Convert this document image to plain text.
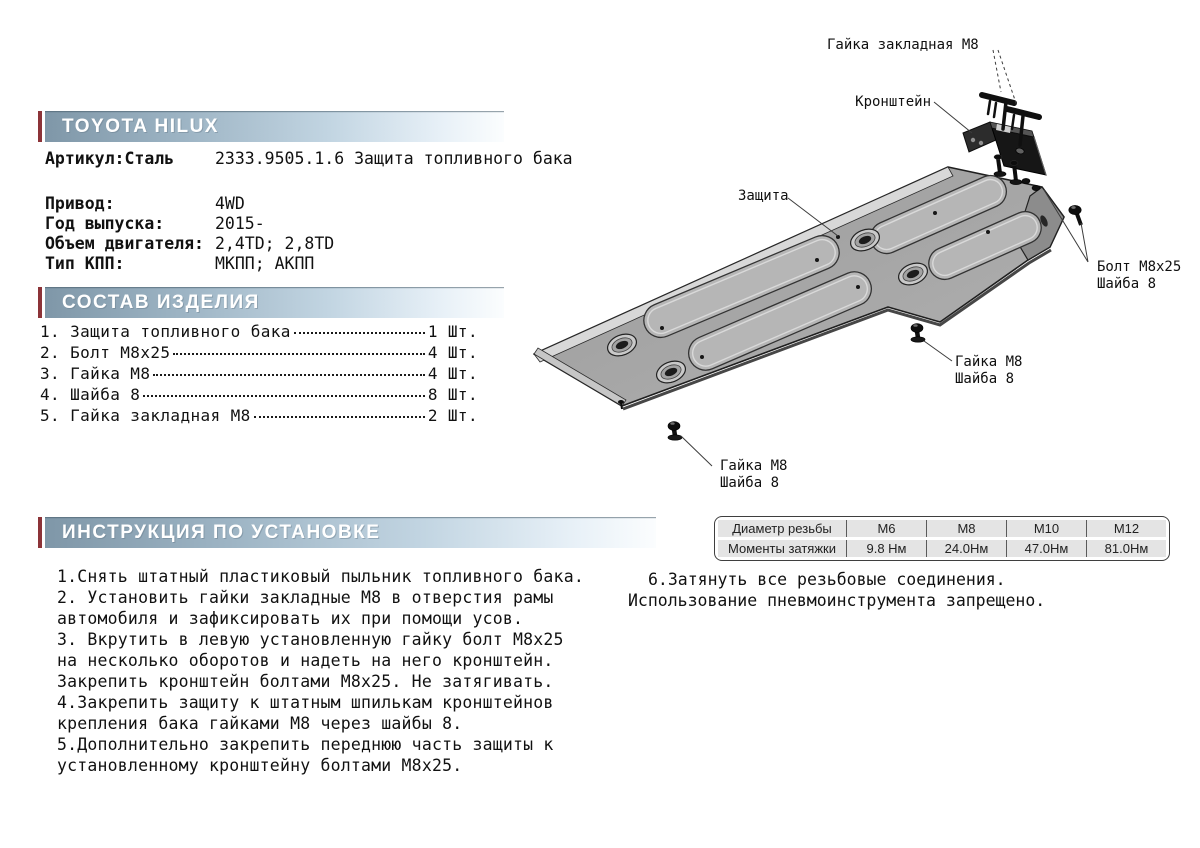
TOYOTA HILUX
Артикул:Сталь 2333.9505.1.6 Защита топливного бака
Привод:	4WD
Год выпуска:	2015-
Объем двигателя: 2,4TD; 2,8TD
Тип КПП:	МКПП; АКПП
СОСТАВ ИЗДЕЛИЯ
1. Защита топливного бака	1 Шт.
2. Болт М8х25	4 Шт.
3. Гайка М8	4 Шт.
4. Шайба 8	8 Шт.
5. Гайка закладная М8	2 Шт.
ИНСТРУКЦИЯ ПО УСТАНОВКЕ
1.Снять штатный пластиковый пыльник топливного бака.
2. Установить гайки закладные М8 в отверстия рамы
автомобиля и зафиксировать их при помощи усов.
3. Вкрутить в левую установленную гайку болт М8х25
на несколько оборотов и надеть на него кронштейн.
Закрепить кронштейн болтами М8х25. Не затягивать.
4.Закрепить защиту к штатным шпилькам кронштейнов
крепления бака гайками М8 через шайбы 8.
5.Дополнительно закрепить переднюю часть защиты к
установленному кронштейну болтами М8х25.
Диаметр резьбы	М6	М8	М10	М12
Моменты затяжки	9.8 Нм	24.0Нм	47.0Нм	81.0Нм
6.Затянуть все резьбовые соединения.
Использование пневмоинструмента запрещено.
Гайка закладная М8
Кронштейн
Защита
Болт М8х25
Шайба 8
Гайка М8
Шайба 8
Гайка М8
Шайба 8
